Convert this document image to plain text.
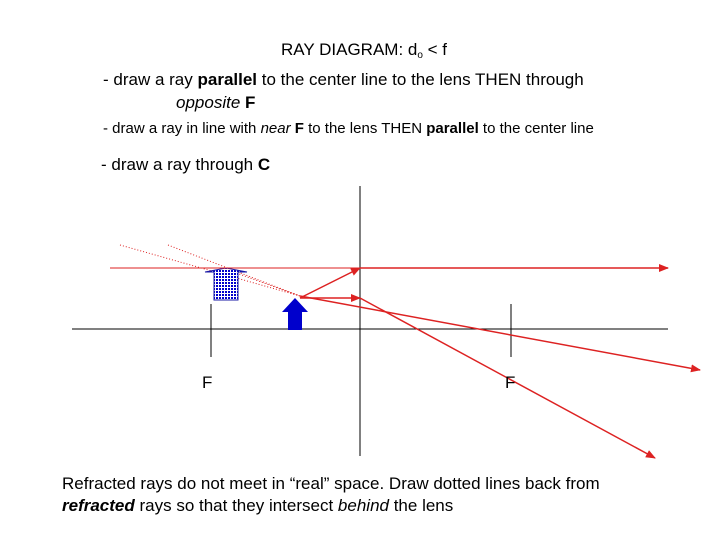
RAY DIAGRAM: $d_o < f$
- draw a ray parallel to the center line to the lens THEN through
opposite F
- draw a ray in line with near F to the lens THEN parallel to the center line
- draw a ray through C
F	F
Refracted rays do not meet in “real” space. Draw dotted lines back from
refracted rays so that they intersect behind the lens
